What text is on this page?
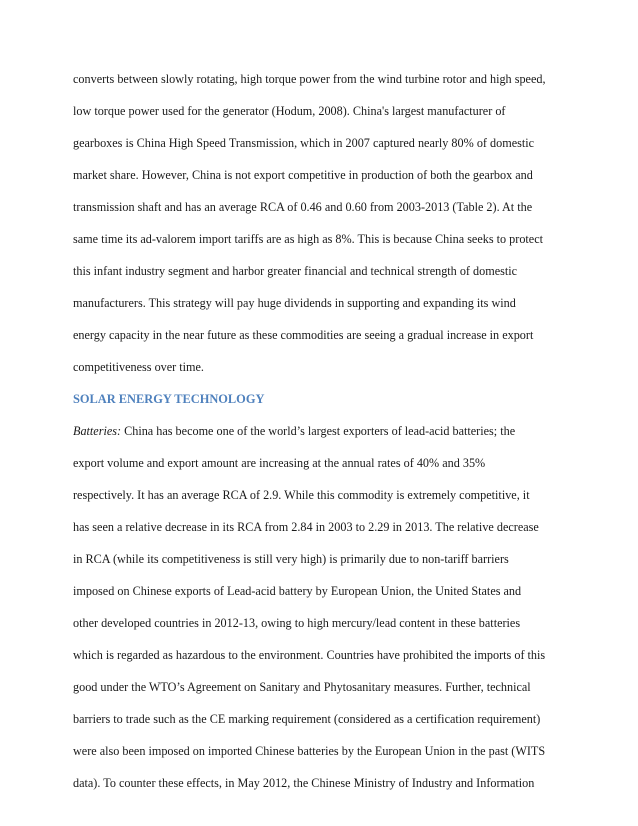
converts between slowly rotating, high torque power from the wind turbine rotor and high speed,
low torque power used for the generator (Hodum, 2008). China's largest manufacturer of
gearboxes is China High Speed Transmission, which in 2007 captured nearly 80% of domestic
market share. However, China is not export competitive in production of both the gearbox and
transmission shaft and has an average RCA of 0.46 and 0.60 from 2003-2013 (Table 2). At the
same time its ad-valorem import tariffs are as high as 8%. This is because China seeks to protect
this infant industry segment and harbor greater financial and technical strength of domestic
manufacturers. This strategy will pay huge dividends in supporting and expanding its wind
energy capacity in the near future as these commodities are seeing a gradual increase in export
competitiveness over time.
SOLAR ENERGY TECHNOLOGY
Batteries: China has become one of the world’s largest exporters of lead-acid batteries; the
export volume and export amount are increasing at the annual rates of 40% and 35%
respectively. It has an average RCA of 2.9. While this commodity is extremely competitive, it
has seen a relative decrease in its RCA from 2.84 in 2003 to 2.29 in 2013. The relative decrease
in RCA (while its competitiveness is still very high) is primarily due to non-tariff barriers
imposed on Chinese exports of Lead-acid battery by European Union, the United States and
other developed countries in 2012-13, owing to high mercury/lead content in these batteries
which is regarded as hazardous to the environment. Countries have prohibited the imports of this
good under the WTO’s Agreement on Sanitary and Phytosanitary measures. Further, technical
barriers to trade such as the CE marking requirement (considered as a certification requirement)
were also been imposed on imported Chinese batteries by the European Union in the past (WITS
data). To counter these effects, in May 2012, the Chinese Ministry of Industry and Information
